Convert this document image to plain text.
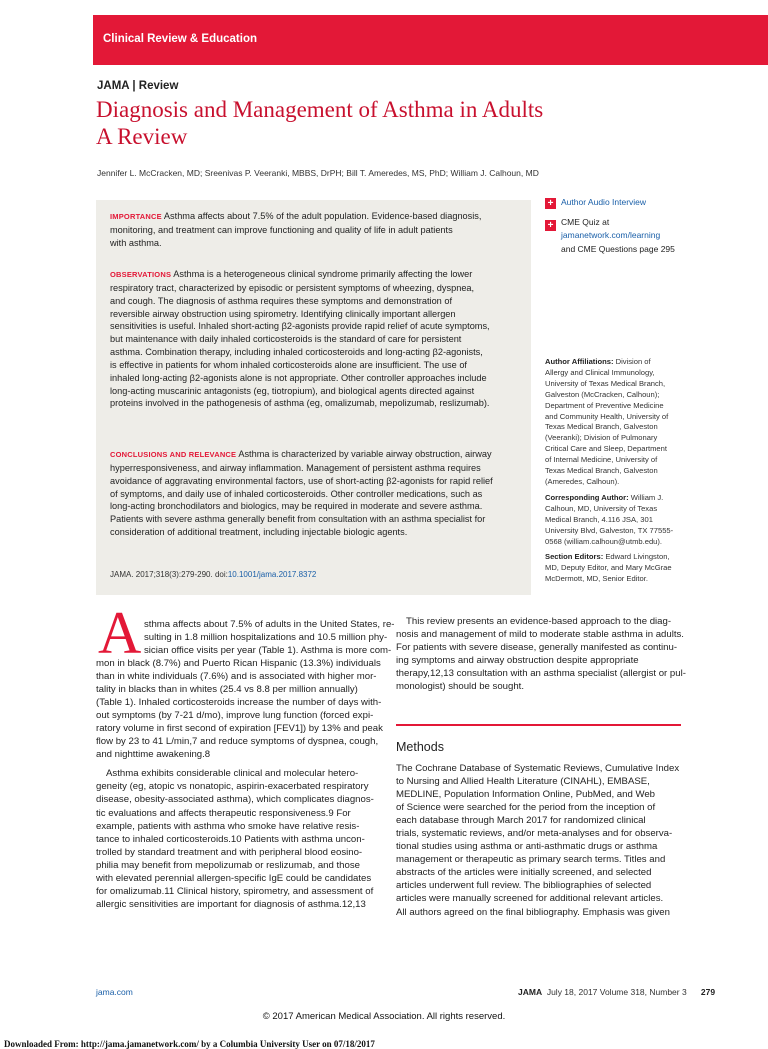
Clinical Review & Education
JAMA | Review
Diagnosis and Management of Asthma in Adults
A Review
Jennifer L. McCracken, MD; Sreenivas P. Veeranki, MBBS, DrPH; Bill T. Ameredes, MS, PhD; William J. Calhoun, MD
IMPORTANCE Asthma affects about 7.5% of the adult population. Evidence-based diagnosis,
monitoring, and treatment can improve functioning and quality of life in adult patients
with asthma.
OBSERVATIONS Asthma is a heterogeneous clinical syndrome primarily affecting the lower
respiratory tract, characterized by episodic or persistent symptoms of wheezing, dyspnea,
and cough. The diagnosis of asthma requires these symptoms and demonstration of
reversible airway obstruction using spirometry. Identifying clinically important allergen
sensitivities is useful. Inhaled short-acting β2-agonists provide rapid relief of acute symptoms,
but maintenance with daily inhaled corticosteroids is the standard of care for persistent
asthma. Combination therapy, including inhaled corticosteroids and long-acting β2-agonists,
is effective in patients for whom inhaled corticosteroids alone are insufficient. The use of
inhaled long-acting β2-agonists alone is not appropriate. Other controller approaches include
long-acting muscarinic antagonists (eg, tiotropium), and biological agents directed against
proteins involved in the pathogenesis of asthma (eg, omalizumab, mepolizumab, reslizumab).
CONCLUSIONS AND RELEVANCE Asthma is characterized by variable airway obstruction, airway
hyperresponsiveness, and airway inflammation. Management of persistent asthma requires
avoidance of aggravating environmental factors, use of short-acting β2-agonists for rapid relief
of symptoms, and daily use of inhaled corticosteroids. Other controller medications, such as
long-acting bronchodilators and biologics, may be required in moderate and severe asthma.
Patients with severe asthma generally benefit from consultation with an asthma specialist for
consideration of additional treatment, including injectable biologic agents.
JAMA. 2017;318(3):279-290. doi:10.1001/jama.2017.8372
+ Author Audio Interview
+ CME Quiz at
jamanetwork.com/learning
and CME Questions page 295
Author Affiliations: Division of
Allergy and Clinical Immunology,
University of Texas Medical Branch,
Galveston (McCracken, Calhoun);
Department of Preventive Medicine
and Community Health, University of
Texas Medical Branch, Galveston
(Veeranki); Division of Pulmonary
Critical Care and Sleep, Department
of Internal Medicine, University of
Texas Medical Branch, Galveston
(Ameredes, Calhoun).
Corresponding Author: William J.
Calhoun, MD, University of Texas
Medical Branch, 4.116 JSA, 301
University Blvd, Galveston, TX 77555-
0568 (william.calhoun@utmb.edu).
Section Editors: Edward Livingston,
MD, Deputy Editor, and Mary McGrae
McDermott, MD, Senior Editor.
A sthma affects about 7.5% of adults in the United States, re-
sulting in 1.8 million hospitalizations and 10.5 million phy-
sician office visits per year (Table 1). Asthma is more com-
mon in black (8.7%) and Puerto Rican Hispanic (13.3%) individuals
than in white individuals (7.6%) and is associated with higher mor-
tality in blacks than in whites (25.4 vs 8.8 per million annually)
(Table 1). Inhaled corticosteroids increase the number of days with-
out symptoms (by 7-21 d/mo), improve lung function (forced expi-
ratory volume in first second of expiration [FEV1]) by 13% and peak
flow by 23 to 41 L/min,7 and reduce symptoms of dyspnea, cough,
and nighttime awakening.8
Asthma exhibits considerable clinical and molecular hetero-
geneity (eg, atopic vs nonatopic, aspirin-exacerbated respiratory
disease, obesity-associated asthma), which complicates diagnos-
tic evaluations and affects therapeutic responsiveness.9 For
example, patients with asthma who smoke have relative resis-
tance to inhaled corticosteroids.10 Patients with asthma uncon-
trolled by standard treatment and with peripheral blood eosino-
philia may benefit from mepolizumab or reslizumab, and those
with elevated perennial allergen-specific IgE could be candidates
for omalizumab.11 Clinical history, spirometry, and assessment of
allergic sensitivities are important for diagnosis of asthma.12,13
This review presents an evidence-based approach to the diag-
nosis and management of mild to moderate stable asthma in adults.
For patients with severe disease, generally manifested as continu-
ing symptoms and airway obstruction despite appropriate
therapy,12,13 consultation with an asthma specialist (allergist or pul-
monologist) should be sought.
Methods
The Cochrane Database of Systematic Reviews, Cumulative Index
to Nursing and Allied Health Literature (CINAHL), EMBASE,
MEDLINE, Population Information Online, PubMed, and Web
of Science were searched for the period from the inception of
each database through March 2017 for randomized clinical
trials, systematic reviews, and/or meta-analyses and for observa-
tional studies using asthma or anti-asthmatic drugs or asthma
management or therapeutic as primary search terms. Titles and
abstracts of the articles were initially screened, and selected
articles underwent full review. The bibliographies of selected
articles were manually screened for additional relevant articles.
All authors agreed on the final bibliography. Emphasis was given
jama.com	JAMA July 18, 2017 Volume 318, Number 3 279
© 2017 American Medical Association. All rights reserved.
Downloaded From: http://jama.jamanetwork.com/ by a Columbia University User on 07/18/2017
